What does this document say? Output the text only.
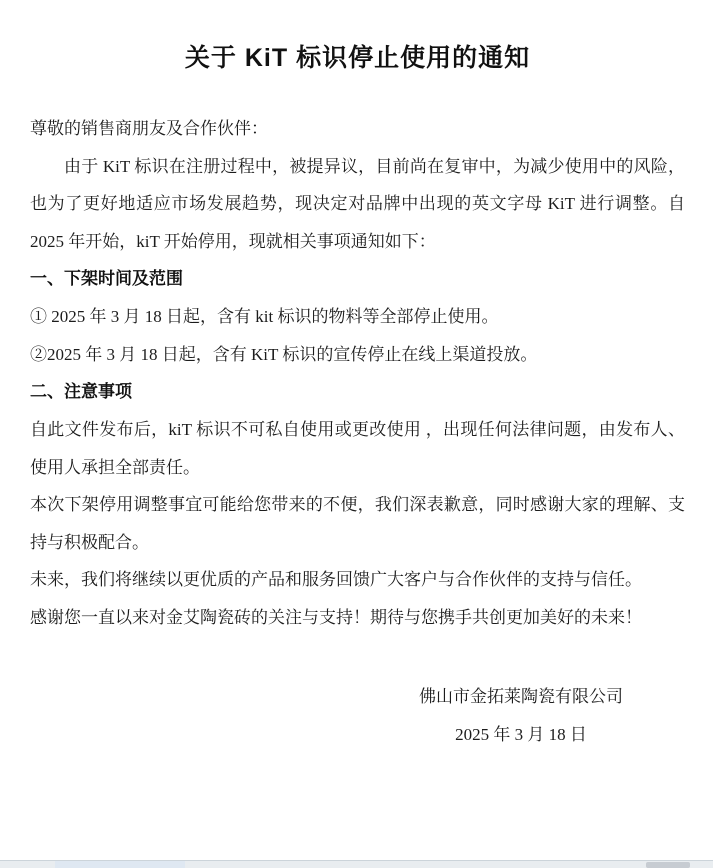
关于 KiT 标识停止使用的通知
尊敬的销售商朋友及合作伙伴：

由于 KiT 标识在注册过程中，被提异议，目前尚在复审中，为减少使用中的风险，也为了更好地适应市场发展趋势，现决定对品牌中出现的英文字母 KiT 进行调整。自 2025 年开始，kiT 开始停用，现就相关事项通知如下：

一、下架时间及范围

① 2025 年 3 月 18 日起，含有 kit 标识的物料等全部停止使用。

②2025 年 3 月 18 日起，含有 KiT 标识的宣传停止在线上渠道投放。

二、注意事项

自此文件发布后，kiT 标识不可私自使用或更改使用 ，出现任何法律问题，由发布人、使用人承担全部责任。

本次下架停用调整事宜可能给您带来的不便，我们深表歉意，同时感谢大家的理解、支持与积极配合。

未来，我们将继续以更优质的产品和服务回馈广大客户与合作伙伴的支持与信任。

感谢您一直以来对金艾陶瓷砖的关注与支持！期待与您携手共创更加美好的未来！

佛山市金拓莱陶瓷有限公司

2025 年 3 月 18 日
